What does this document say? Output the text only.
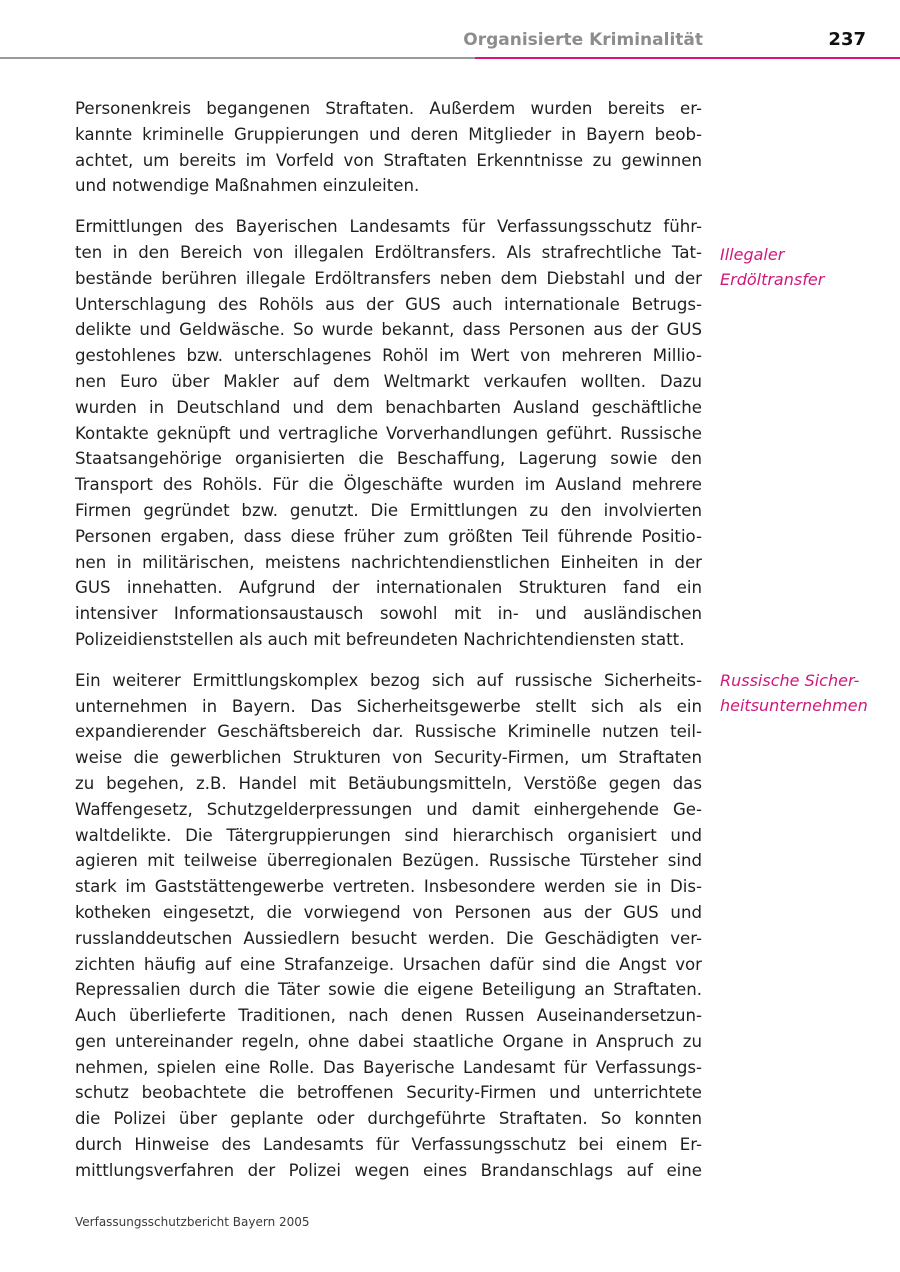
Organisierte Kriminalität	237

Personenkreis begangenen Straftaten. Außerdem wurden bereits er-
kannte kriminelle Gruppierungen und deren Mitglieder in Bayern beob-
achtet, um bereits im Vorfeld von Straftaten Erkenntnisse zu gewinnen
und notwendige Maßnahmen einzuleiten.

Ermittlungen des Bayerischen Landesamts für Verfassungsschutz führ-
ten in den Bereich von illegalen Erdöltransfers. Als strafrechtliche Tat-
bestände berühren illegale Erdöltransfers neben dem Diebstahl und der
Unterschlagung des Rohöls aus der GUS auch internationale Betrugs-
delikte und Geldwäsche. So wurde bekannt, dass Personen aus der GUS
gestohlenes bzw. unterschlagenes Rohöl im Wert von mehreren Millio-
nen Euro über Makler auf dem Weltmarkt verkaufen wollten. Dazu
wurden in Deutschland und dem benachbarten Ausland geschäftliche
Kontakte geknüpft und vertragliche Vorverhandlungen geführt. Russische
Staatsangehörige organisierten die Beschaffung, Lagerung sowie den
Transport des Rohöls. Für die Ölgeschäfte wurden im Ausland mehrere
Firmen gegründet bzw. genutzt. Die Ermittlungen zu den involvierten
Personen ergaben, dass diese früher zum größten Teil führende Positio-
nen in militärischen, meistens nachrichtendienstlichen Einheiten in der
GUS innehatten. Aufgrund der internationalen Strukturen fand ein
intensiver Informationsaustausch sowohl mit in- und ausländischen
Polizeidienststellen als auch mit befreundeten Nachrichtendiensten statt.

Ein weiterer Ermittlungskomplex bezog sich auf russische Sicherheits-
unternehmen in Bayern. Das Sicherheitsgewerbe stellt sich als ein
expandierender Geschäftsbereich dar. Russische Kriminelle nutzen teil-
weise die gewerblichen Strukturen von Security-Firmen, um Straftaten
zu begehen, z.B. Handel mit Betäubungsmitteln, Verstöße gegen das
Waffengesetz, Schutzgelderpressungen und damit einhergehende Ge-
waltdelikte. Die Tätergruppierungen sind hierarchisch organisiert und
agieren mit teilweise überregionalen Bezügen. Russische Türsteher sind
stark im Gaststättengewerbe vertreten. Insbesondere werden sie in Dis-
kotheken eingesetzt, die vorwiegend von Personen aus der GUS und
russlanddeutschen Aussiedlern besucht werden. Die Geschädigten ver-
zichten häufig auf eine Strafanzeige. Ursachen dafür sind die Angst vor
Repressalien durch die Täter sowie die eigene Beteiligung an Straftaten.
Auch überlieferte Traditionen, nach denen Russen Auseinandersetzun-
gen untereinander regeln, ohne dabei staatliche Organe in Anspruch zu
nehmen, spielen eine Rolle. Das Bayerische Landesamt für Verfassungs-
schutz beobachtete die betroffenen Security-Firmen und unterrichtete
die Polizei über geplante oder durchgeführte Straftaten. So konnten
durch Hinweise des Landesamts für Verfassungsschutz bei einem Er-
mittlungsverfahren der Polizei wegen eines Brandanschlags auf eine

Illegaler
Erdöltransfer
Russische Sicher-
heitsunternehmen
Verfassungsschutzbericht Bayern 2005
